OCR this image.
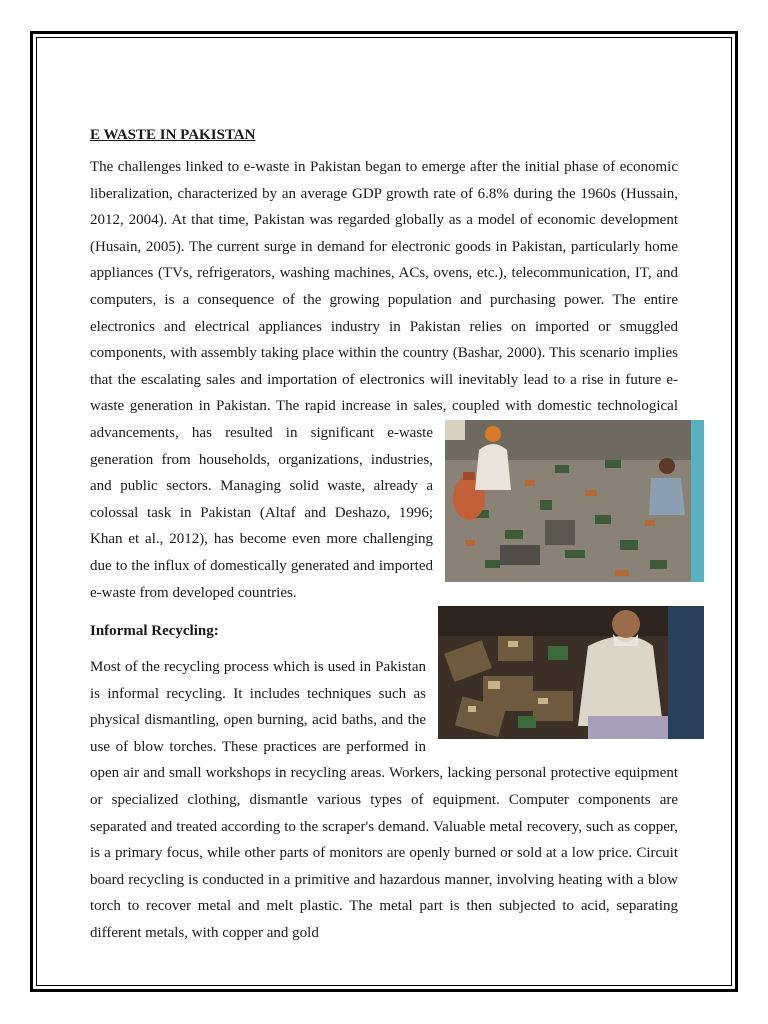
E WASTE IN PAKISTAN

The challenges linked to e-waste in Pakistan began to emerge after the initial phase of economic liberalization, characterized by an average GDP growth rate of 6.8% during the 1960s (Hussain, 2012, 2004). At that time, Pakistan was regarded globally as a model of economic development (Husain, 2005). The current surge in demand for electronic goods in Pakistan, particularly home appliances (TVs, refrigerators, washing machines, ACs, ovens, etc.), telecommunication, IT, and computers, is a consequence of the growing population and purchasing power. The entire electronics and electrical appliances industry in Pakistan relies on imported or smuggled components, with assembly taking place within the country (Bashar, 2000). This scenario implies that the escalating sales and importation of electronics will inevitably lead to a rise in future e-waste generation in Pakistan. The rapid increase in sales, coupled with domestic technological advancements, has resulted in significant e-waste generation from households, organizations, industries, and public sectors. Managing solid waste, already a colossal task in Pakistan (Altaf and Deshazo, 1996; Khan et al., 2012), has become even more challenging due to the influx of domestically generated and imported e-waste from developed countries.

Informal Recycling:

Most of the recycling process which is used in Pakistan is informal recycling. It includes techniques such as physical dismantling, open burning, acid baths, and the use of blow torches. These practices are performed in open air and small workshops in recycling areas. Workers, lacking personal protective equipment or specialized clothing, dismantle various types of equipment. Computer components are separated and treated according to the scraper's demand. Valuable metal recovery, such as copper, is a primary focus, while other parts of monitors are openly burned or sold at a low price. Circuit board recycling is conducted in a primitive and hazardous manner, involving heating with a blow torch to recover metal and melt plastic. The metal part is then subjected to acid, separating different metals, with copper and gold
